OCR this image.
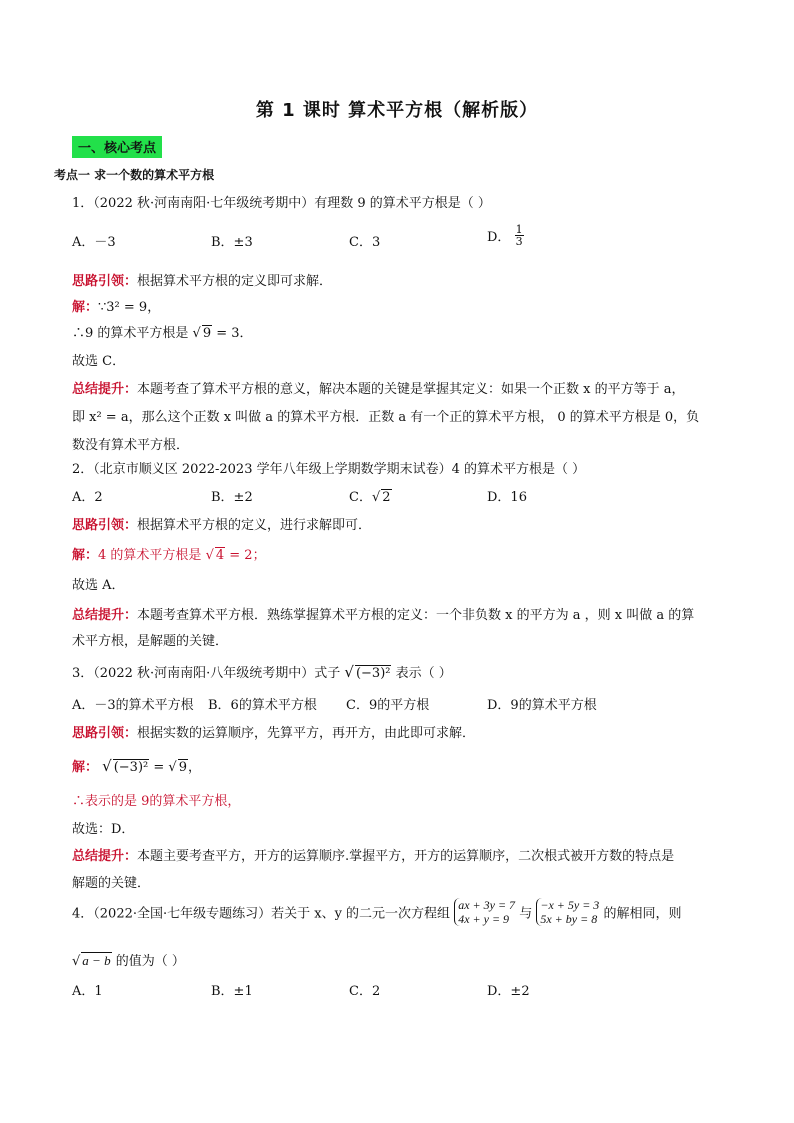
第 1 课时 算术平方根（解析版）
一、核心考点
考点一 求一个数的算术平方根
1．（2022 秋·河南南阳·七年级统考期中）有理数 9 的算术平方根是（ ）
A．－3	B．±3	C．3	D． $\frac{1}{3}$
思路引领：根据算术平方根的定义即可求解．
解：∵3² = 9，
∴9 的算术平方根是 √ 9 = 3．
故选 C．
总结提升：本题考查了算术平方根的意义，解决本题的关键是掌握其定义：如果一个正数 x 的平方等于 a，
即 x² = a，那么这个正数 x 叫做 a 的算术平方根．正数 a 有一个正的算术平方根， 0 的算术平方根是 0，负
数没有算术平方根．
2．（北京市顺义区 2022-2023 学年八年级上学期数学期末试卷）4 的算术平方根是（ ）
A．2	B．±2	C．√ 2	D．16
思路引领：根据算术平方根的定义，进行求解即可．
解：4 的算术平方根是 √ 4 = 2；
故选 A．
总结提升：本题考查算术平方根．熟练掌握算术平方根的定义：一个非负数 x 的平方为 a ，则 x 叫做 a 的算
术平方根，是解题的关键．
3．（2022 秋·河南南阳·八年级统考期中）式子 √ (−3)² 表示（ ）
A．－3的算术平方根 B．6的算术平方根 C．9的平方根	D．9的算术平方根
思路引领：根据实数的运算顺序，先算平方，再开方，由此即可求解．
解： √ (−3)² = √ 9，
∴表示的是 9的算术平方根，
故选：D．
总结提升：本题主要考查平方，开方的运算顺序.掌握平方，开方的运算顺序，二次根式被开方数的特点是
解题的关键．
4．（2022·全国·七年级专题练习）若关于 x、y 的二元一次方程组
ax + 3y = 7
4x + y = 9 与
−x + 5y = 3
5x + by = 8 的解相同，则
√ a − b 的值为（ ）
A．1	B．±1	C．2	D．±2
